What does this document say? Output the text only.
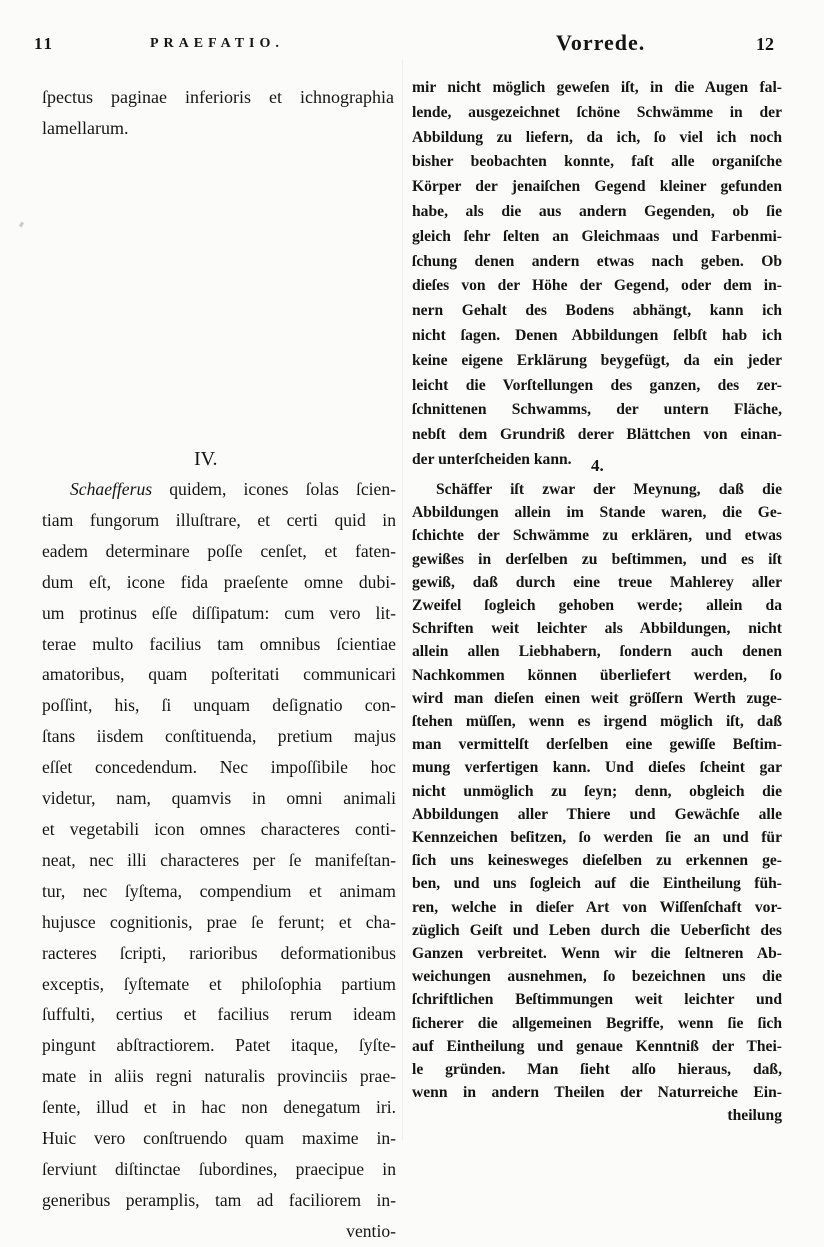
11	PRAEFATIO.	Vorrede.	12
ſpectus paginae inferioris et ichnographia
lamellarum.
IV.
Schaefferus quidem, icones ſolas ſcien-
tiam fungorum illuſtrare, et certi quid in
eadem determinare poſſe cenſet, et faten-
dum eſt, icone fida praeſente omne dubi-
um protinus eſſe diſſipatum: cum vero lit-
terae multo facilius tam omnibus ſcientiae
amatoribus, quam poſteritati communicari
poſſint, his, ſi unquam deſignatio con-
ſtans iisdem conſtituenda, pretium majus
eſſet concedendum. Nec impoſſibile hoc
videtur, nam, quamvis in omni animali
et vegetabili icon omnes characteres conti-
neat, nec illi characteres per ſe manifeſtan-
tur, nec ſyſtema, compendium et animam
hujusce cognitionis, prae ſe ferunt; et cha-
racteres ſcripti, rarioribus deformationibus
exceptis, ſyſtemate et philoſophia partium
ſuffulti, certius et facilius rerum ideam
pingunt abſtractiorem. Patet itaque, ſyſte-
mate in aliis regni naturalis provinciis prae-
ſente, illud et in hac non denegatum iri.
Huic vero conſtruendo quam maxime in-
ſerviunt diſtinctae ſubordines, praecipue in
generibus peramplis, tam ad faciliorem in-
ventio-
mir nicht möglich geweſen iſt, in die Augen fal-
lende, ausgezeichnet ſchöne Schwämme in der
Abbildung zu liefern, da ich, ſo viel ich noch
bisher beobachten konnte, faſt alle organiſche
Körper der jenaiſchen Gegend kleiner gefunden
habe, als die aus andern Gegenden, ob ſie
gleich ſehr ſelten an Gleichmaas und Farbenmi-
ſchung denen andern etwas nach geben. Ob
dieſes von der Höhe der Gegend, oder dem in-
nern Gehalt des Bodens abhängt, kann ich
nicht ſagen. Denen Abbildungen ſelbſt hab ich
keine eigene Erklärung beygefügt, da ein jeder
leicht die Vorſtellungen des ganzen, des zer-
ſchnittenen Schwamms, der untern Fläche,
nebſt dem Grundriß derer Blättchen von einan-
der unterſcheiden kann.	4.
Schäffer iſt zwar der Meynung, daß die
Abbildungen allein im Stande waren, die Ge-
ſchichte der Schwämme zu erklären, und etwas
gewißes in derſelben zu beſtimmen, und es iſt
gewiß, daß durch eine treue Mahlerey aller
Zweifel ſogleich gehoben werde; allein da
Schriften weit leichter als Abbildungen, nicht
allein allen Liebhabern, ſondern auch denen
Nachkommen können überliefert werden, ſo
wird man dieſen einen weit gröſſern Werth zuge-
ſtehen müſſen, wenn es irgend möglich iſt, daß
man vermittelſt derſelben eine gewiſſe Beſtim-
mung verfertigen kann. Und dieſes ſcheint gar
nicht unmöglich zu ſeyn; denn, obgleich die
Abbildungen aller Thiere und Gewächſe alle
Kennzeichen beſitzen, ſo werden ſie an und für
ſich uns keinesweges dieſelben zu erkennen ge-
ben, und uns ſogleich auf die Eintheilung füh-
ren, welche in dieſer Art von Wiſſenſchaft vor-
züglich Geiſt und Leben durch die Ueberſicht des
Ganzen verbreitet. Wenn wir die ſeltneren Ab-
weichungen ausnehmen, ſo bezeichnen uns die
ſchriftlichen Beſtimmungen weit leichter und
ſicherer die allgemeinen Begriffe, wenn ſie ſich
auf Eintheilung und genaue Kenntniß der Thei-
le gründen. Man ſieht alſo hieraus, daß,
wenn in andern Theilen der Naturreiche Ein-
theilung
